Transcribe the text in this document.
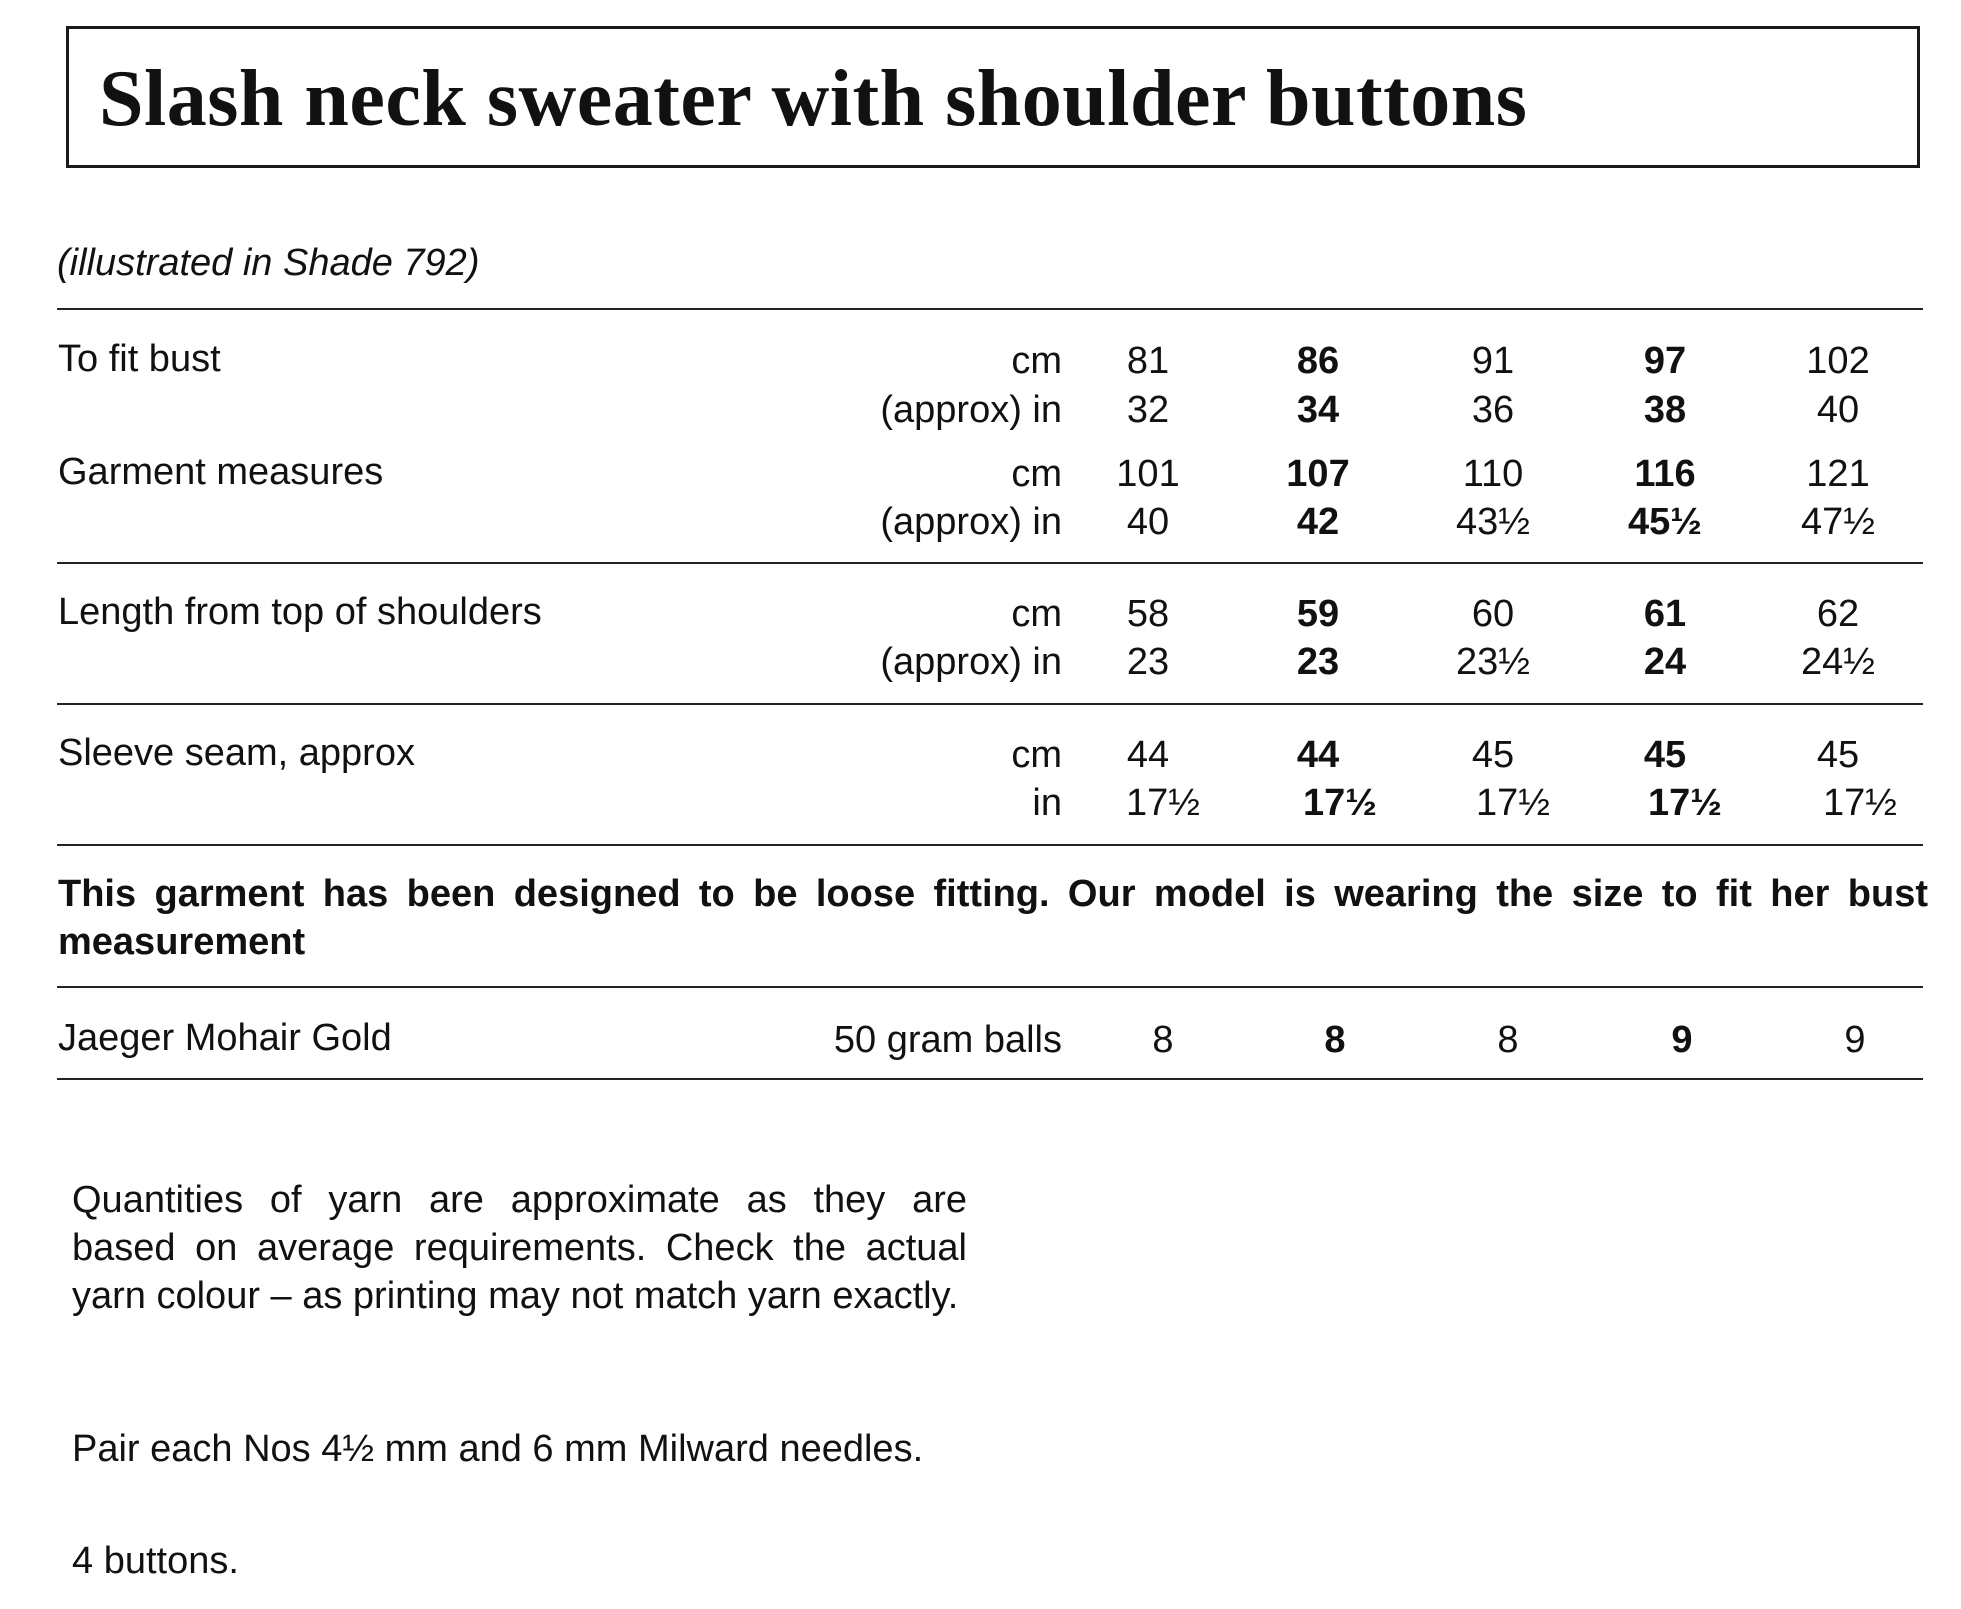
Slash neck sweater with shoulder buttons
(illustrated in Shade 792)
To fit bust	cm	81	86	91	97	102
(approx) in	32	34	36	38	40
Garment measures	cm	101	107	110	116	121
(approx) in	40	42	43½	45½	47½
Length from top of shoulders	cm	58	59	60	61	62
(approx) in	23	23	23½	24	24½
Sleeve seam, approx	cm	44	44	45	45	45
in	17½	17½	17½	17½	17½
This garment has been designed to be loose fitting. Our model is wearing the size to fit her bust measurement
Jaeger Mohair Gold	50 gram balls	8	8	8	9	9
Quantities of yarn are approximate as they are based on average requirements. Check the actual yarn colour – as printing may not match yarn exactly.
Pair each Nos 4½ mm and 6 mm Milward needles.
4 buttons.
